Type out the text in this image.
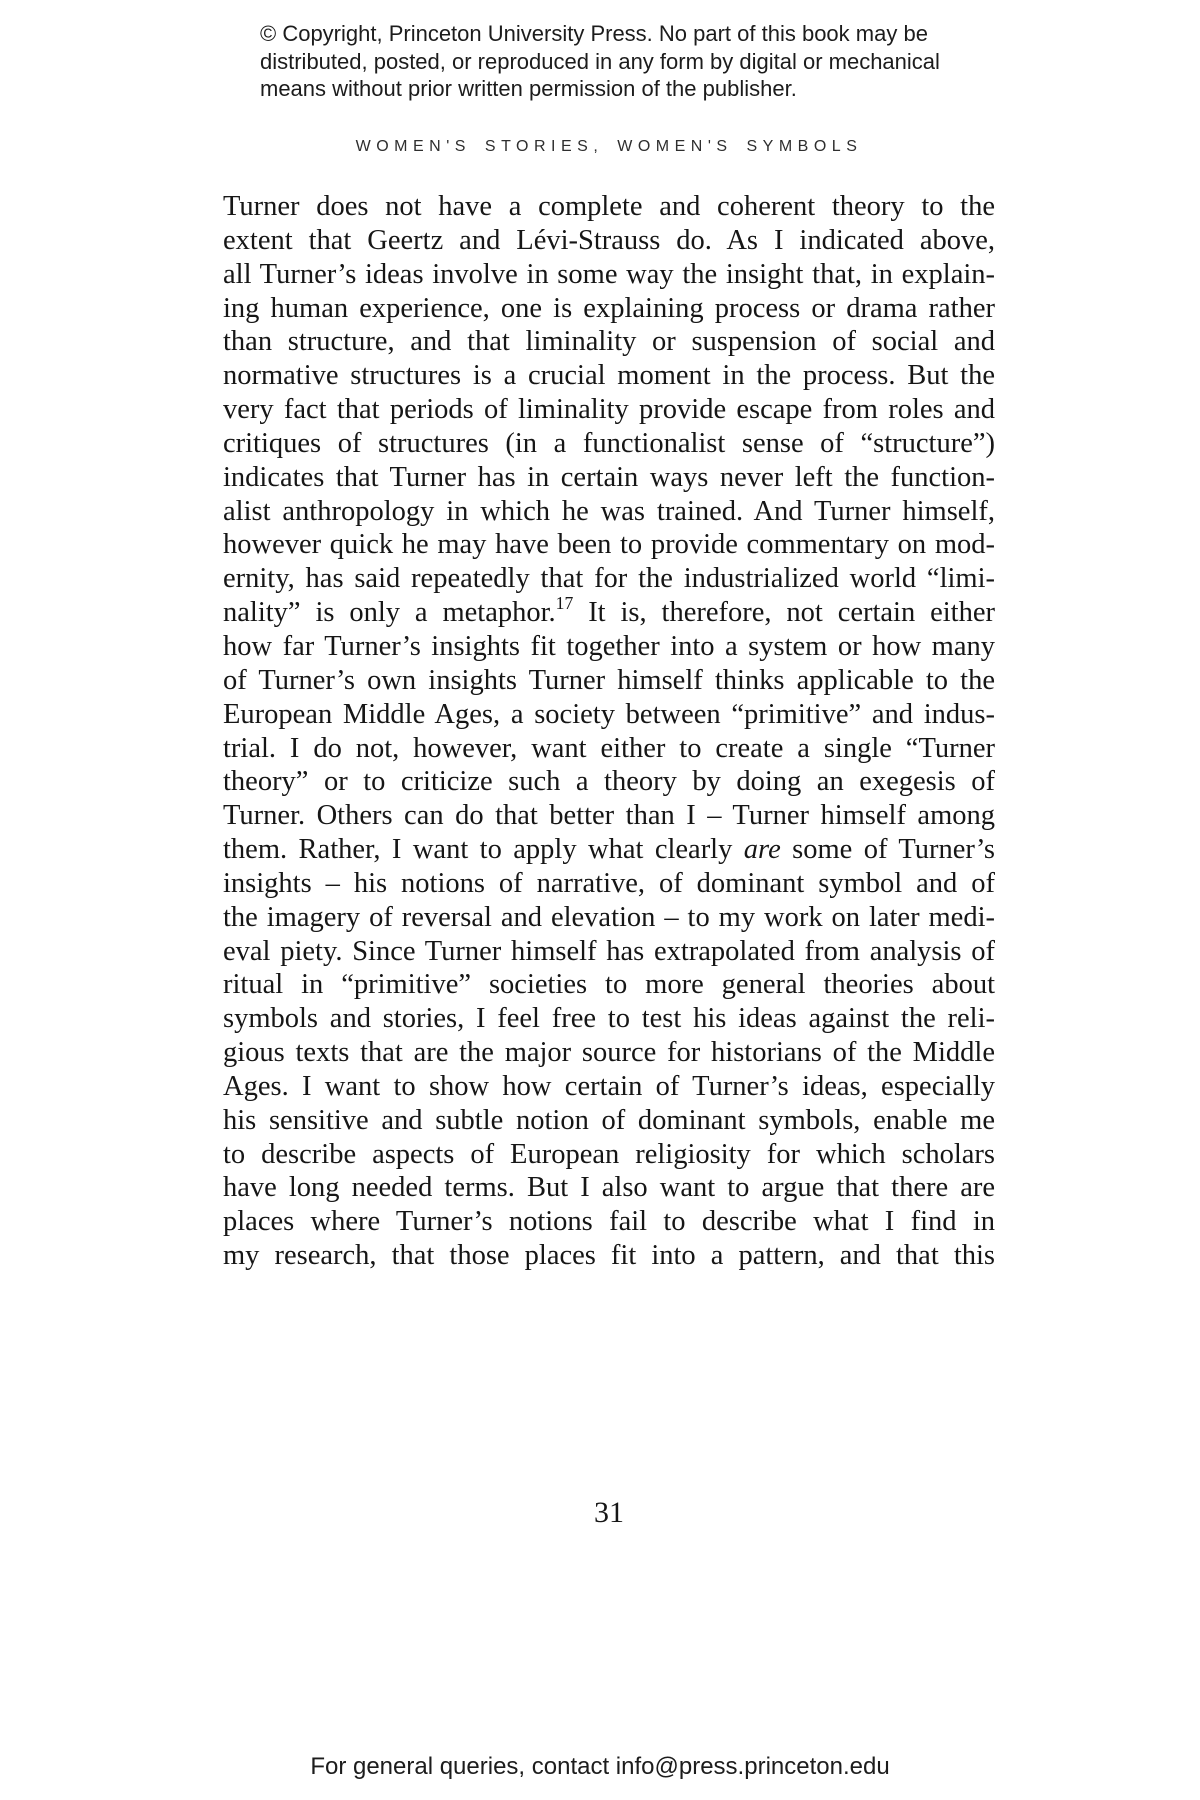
© Copyright, Princeton University Press. No part of this book may be
distributed, posted, or reproduced in any form by digital or mechanical
means without prior written permission of the publisher.
WOMEN'S STORIES, WOMEN'S SYMBOLS
Turner does not have a complete and coherent theory to the
extent that Geertz and Lévi-Strauss do. As I indicated above,
all Turner’s ideas involve in some way the insight that, in explain-
ing human experience, one is explaining process or drama rather
than structure, and that liminality or suspension of social and
normative structures is a crucial moment in the process. But the
very fact that periods of liminality provide escape from roles and
critiques of structures (in a functionalist sense of “structure”)
indicates that Turner has in certain ways never left the function-
alist anthropology in which he was trained. And Turner himself,
however quick he may have been to provide commentary on mod-
ernity, has said repeatedly that for the industrialized world “limi-
nality” is only a metaphor.$^{17}$ It is, therefore, not certain either
how far Turner’s insights fit together into a system or how many
of Turner’s own insights Turner himself thinks applicable to the
European Middle Ages, a society between “primitive” and indus-
trial. I do not, however, want either to create a single “Turner
theory” or to criticize such a theory by doing an exegesis of
Turner. Others can do that better than I – Turner himself among
them. Rather, I want to apply what clearly are some of Turner’s
insights – his notions of narrative, of dominant symbol and of
the imagery of reversal and elevation – to my work on later medi-
eval piety. Since Turner himself has extrapolated from analysis of
ritual in “primitive” societies to more general theories about
symbols and stories, I feel free to test his ideas against the reli-
gious texts that are the major source for historians of the Middle
Ages. I want to show how certain of Turner’s ideas, especially
his sensitive and subtle notion of dominant symbols, enable me
to describe aspects of European religiosity for which scholars
have long needed terms. But I also want to argue that there are
places where Turner’s notions fail to describe what I find in
my research, that those places fit into a pattern, and that this
31
For general queries, contact info@press.princeton.edu
